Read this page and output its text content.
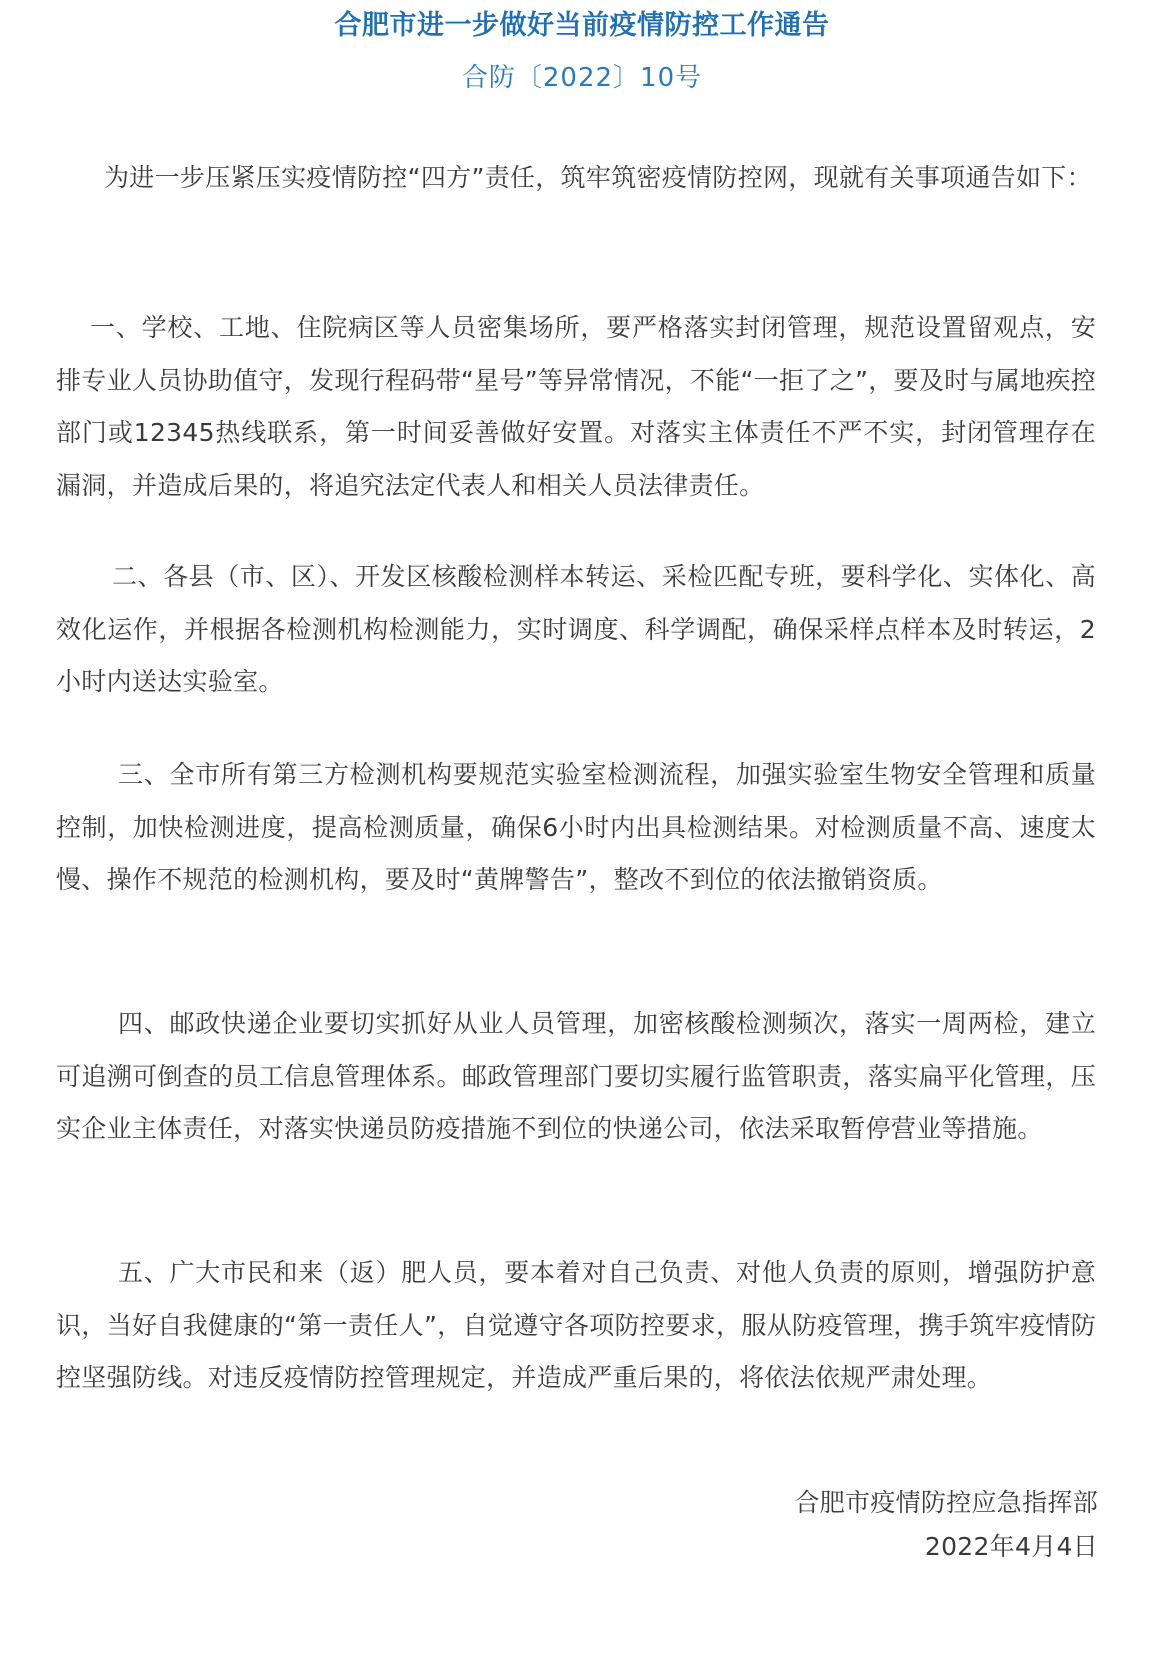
合肥市进一步做好当前疫情防控工作通告
合防〔2022〕10号

为进一步压紧压实疫情防控“四方”责任，筑牢筑密疫情防控网，现就有关事项通告如下：

一、学校、工地、住院病区等人员密集场所，要严格落实封闭管理，规范设置留观点，安排专业人员协助值守，发现行程码带“星号”等异常情况，不能“一拒了之”，要及时与属地疾控部门或12345热线联系，第一时间妥善做好安置。对落实主体责任不严不实，封闭管理存在漏洞，并造成后果的，将追究法定代表人和相关人员法律责任。

二、各县（市、区）、开发区核酸检测样本转运、采检匹配专班，要科学化、实体化、高效化运作，并根据各检测机构检测能力，实时调度、科学调配，确保采样点样本及时转运，2小时内送达实验室。

三、全市所有第三方检测机构要规范实验室检测流程，加强实验室生物安全管理和质量控制，加快检测进度，提高检测质量，确保6小时内出具检测结果。对检测质量不高、速度太慢、操作不规范的检测机构，要及时“黄牌警告”，整改不到位的依法撤销资质。

四、邮政快递企业要切实抓好从业人员管理，加密核酸检测频次，落实一周两检，建立可追溯可倒查的员工信息管理体系。邮政管理部门要切实履行监管职责，落实扁平化管理，压实企业主体责任，对落实快递员防疫措施不到位的快递公司，依法采取暂停营业等措施。

五、广大市民和来（返）肥人员，要本着对自己负责、对他人负责的原则，增强防护意识，当好自我健康的“第一责任人”，自觉遵守各项防控要求，服从防疫管理，携手筑牢疫情防控坚强防线。对违反疫情防控管理规定，并造成严重后果的，将依法依规严肃处理。

合肥市疫情防控应急指挥部
2022年4月4日
